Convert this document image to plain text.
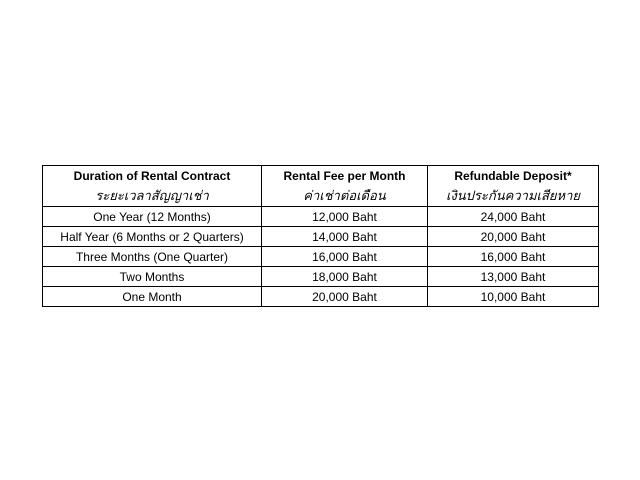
Duration of Rental Contract	Rental Fee per Month	Refundable Deposit*
ระยะเวลาสัญญาเช่า	ค่าเช่าต่อเดือน	เงินประกันความเสียหาย
One Year (12 Months)	12,000 Baht	24,000 Baht
Half Year (6 Months or 2 Quarters)	14,000 Baht	20,000 Baht
Three Months (One Quarter)	16,000 Baht	16,000 Baht
Two Months	18,000 Baht	13,000 Baht
One Month	20,000 Baht	10,000 Baht
